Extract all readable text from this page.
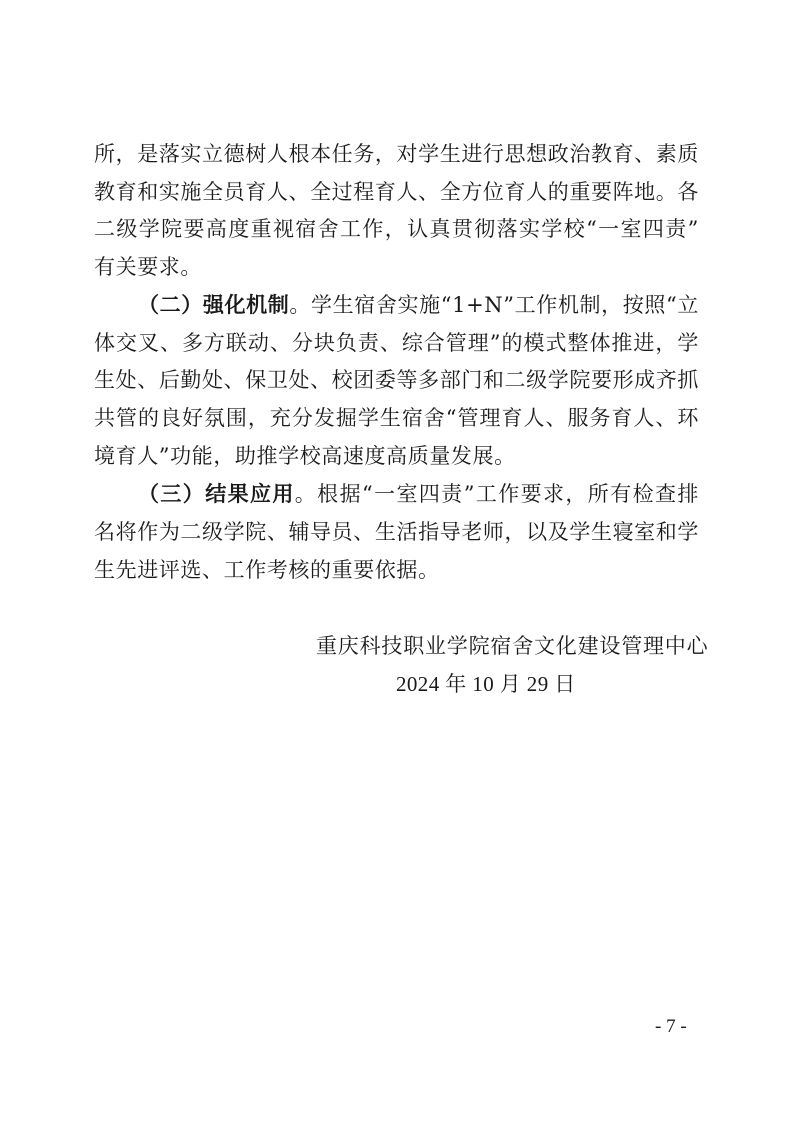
所，是落实立德树人根本任务，对学生进行思想政治教育、素质
教育和实施全员育人、全过程育人、全方位育人的重要阵地。各
二级学院要高度重视宿舍工作，认真贯彻落实学校“一室四责”
有关要求。
（二）强化机制。学生宿舍实施“1+N”工作机制，按照“立
体交叉、多方联动、分块负责、综合管理”的模式整体推进，学
生处、后勤处、保卫处、校团委等多部门和二级学院要形成齐抓
共管的良好氛围，充分发掘学生宿舍“管理育人、服务育人、环
境育人”功能，助推学校高速度高质量发展。
（三）结果应用。根据“一室四责”工作要求，所有检查排
名将作为二级学院、辅导员、生活指导老师，以及学生寝室和学
生先进评选、工作考核的重要依据。
重庆科技职业学院宿舍文化建设管理中心
2024 年 10 月 29 日
- 7 -
